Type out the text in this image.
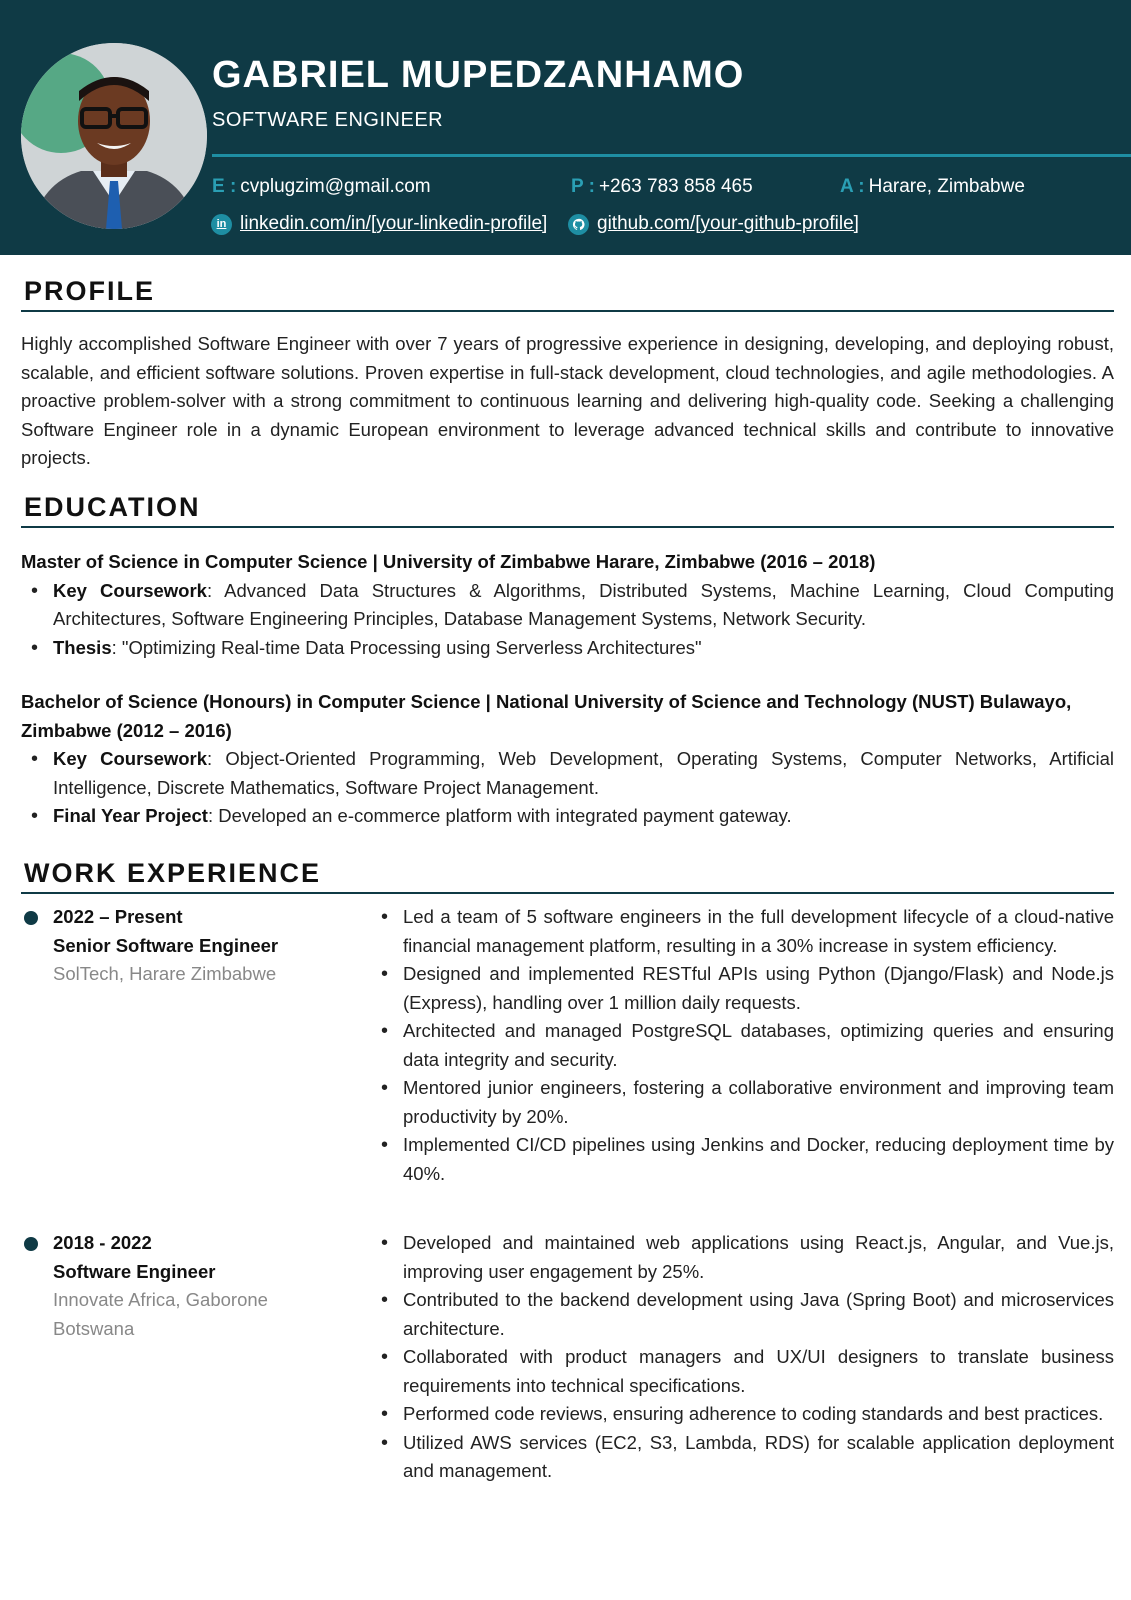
GABRIEL MUPEDZANHAMO
SOFTWARE ENGINEER
E : cvplugzim@gmail.com	P : +263 783 858 465	A : Harare, Zimbabwe
in linkedin.com/in/[your-linkedin-profile]	github.com/[your-github-profile]
PROFILE
Highly accomplished Software Engineer with over 7 years of progressive experience in designing, developing, and deploying robust, scalable, and efficient software solutions. Proven expertise in full-stack development, cloud technologies, and agile methodologies. A proactive problem-solver with a strong commitment to continuous learning and delivering high-quality code. Seeking a challenging Software Engineer role in a dynamic European environment to leverage advanced technical skills and contribute to innovative projects.
EDUCATION
Master of Science in Computer Science | University of Zimbabwe Harare, Zimbabwe (2016 – 2018)
• Key Coursework: Advanced Data Structures & Algorithms, Distributed Systems, Machine Learning, Cloud Computing Architectures, Software Engineering Principles, Database Management Systems, Network Security.
• Thesis: "Optimizing Real-time Data Processing using Serverless Architectures"
Bachelor of Science (Honours) in Computer Science | National University of Science and Technology (NUST) Bulawayo, Zimbabwe (2012 – 2016)
• Key Coursework: Object-Oriented Programming, Web Development, Operating Systems, Computer Networks, Artificial Intelligence, Discrete Mathematics, Software Project Management.
• Final Year Project: Developed an e-commerce platform with integrated payment gateway.
WORK EXPERIENCE
2022 – Present
Senior Software Engineer
SolTech, Harare Zimbabwe
• Led a team of 5 software engineers in the full development lifecycle of a cloud-native financial management platform, resulting in a 30% increase in system efficiency.
• Designed and implemented RESTful APIs using Python (Django/Flask) and Node.js (Express), handling over 1 million daily requests.
• Architected and managed PostgreSQL databases, optimizing queries and ensuring data integrity and security.
• Mentored junior engineers, fostering a collaborative environment and improving team productivity by 20%.
• Implemented CI/CD pipelines using Jenkins and Docker, reducing deployment time by 40%.
2018 - 2022
Software Engineer
Innovate Africa, Gaborone Botswana
• Developed and maintained web applications using React.js, Angular, and Vue.js, improving user engagement by 25%.
• Contributed to the backend development using Java (Spring Boot) and microservices architecture.
• Collaborated with product managers and UX/UI designers to translate business requirements into technical specifications.
• Performed code reviews, ensuring adherence to coding standards and best practices.
• Utilized AWS services (EC2, S3, Lambda, RDS) for scalable application deployment and management.
